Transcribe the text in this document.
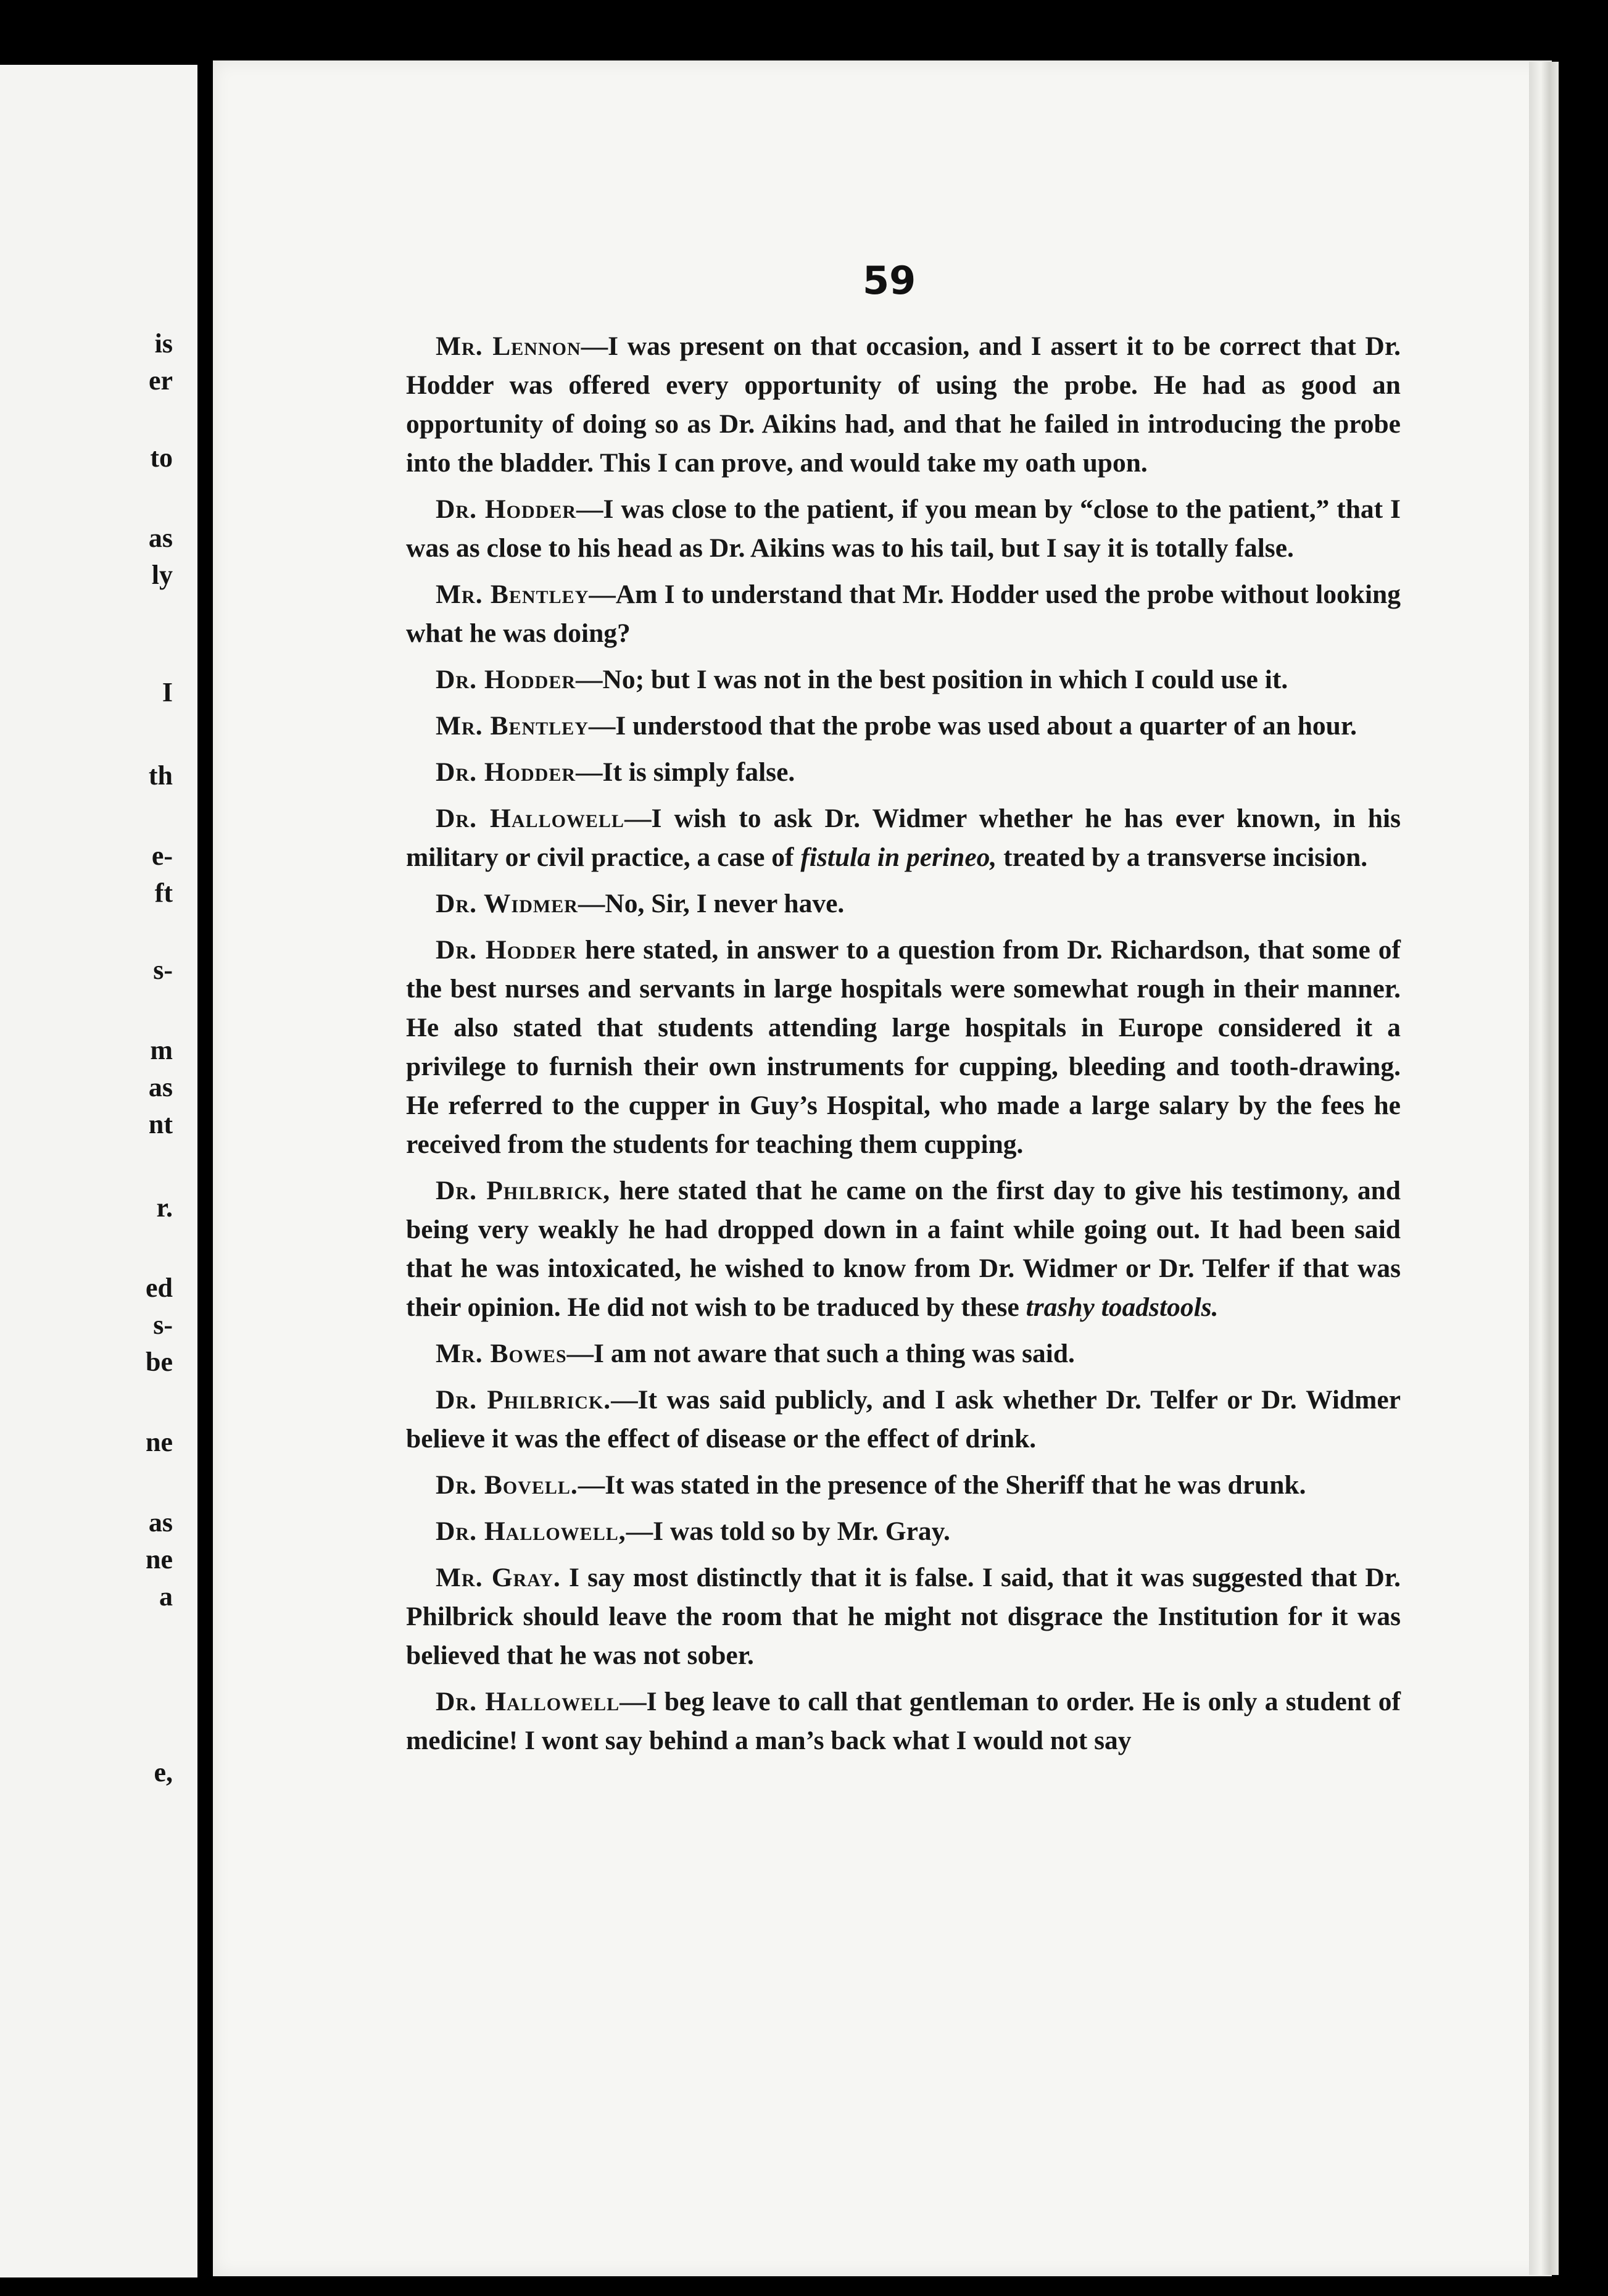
is
er
to
as
ly
I
th
e-
ft
s-
m
as
nt
r.
ed
s-
be
ne
as
ne
a
e,
59

Mr. Lennon—I was present on that occasion, and I assert it to be correct that Dr. Hodder was offered every opportunity of using the probe. He had as good an opportunity of doing so as Dr. Aikins had, and that he failed in introducing the probe into the bladder. This I can prove, and would take my oath upon.

Dr. Hodder—I was close to the patient, if you mean by “close to the patient,” that I was as close to his head as Dr. Aikins was to his tail, but I say it is totally false.

Mr. Bentley—Am I to understand that Mr. Hodder used the probe without looking what he was doing?

Dr. Hodder—No; but I was not in the best position in which I could use it.

Mr. Bentley—I understood that the probe was used about a quarter of an hour.

Dr. Hodder—It is simply false.

Dr. Hallowell—I wish to ask Dr. Widmer whether he has ever known, in his military or civil practice, a case of fistula in perineo, treated by a transverse incision.

Dr. Widmer—No, Sir, I never have.

Dr. Hodder here stated, in answer to a question from Dr. Richardson, that some of the best nurses and servants in large hospitals were somewhat rough in their manner. He also stated that students attending large hospitals in Europe considered it a privilege to furnish their own instruments for cupping, bleeding and tooth-drawing. He referred to the cupper in Guy’s Hospital, who made a large salary by the fees he received from the students for teaching them cupping.

Dr. Philbrick, here stated that he came on the first day to give his testimony, and being very weakly he had dropped down in a faint while going out. It had been said that he was intoxicated, he wished to know from Dr. Widmer or Dr. Telfer if that was their opinion. He did not wish to be traduced by these trashy toadstools.

Mr. Bowes—I am not aware that such a thing was said.

Dr. Philbrick.—It was said publicly, and I ask whether Dr. Telfer or Dr. Widmer believe it was the effect of disease or the effect of drink.

Dr. Bovell.—It was stated in the presence of the Sheriff that he was drunk.

Dr. Hallowell,—I was told so by Mr. Gray.

Mr. Gray. I say most distinctly that it is false. I said, that it was suggested that Dr. Philbrick should leave the room that he might not disgrace the Institution for it was believed that he was not sober.

Dr. Hallowell—I beg leave to call that gentleman to order. He is only a student of medicine! I wont say behind a man’s back what I would not say
